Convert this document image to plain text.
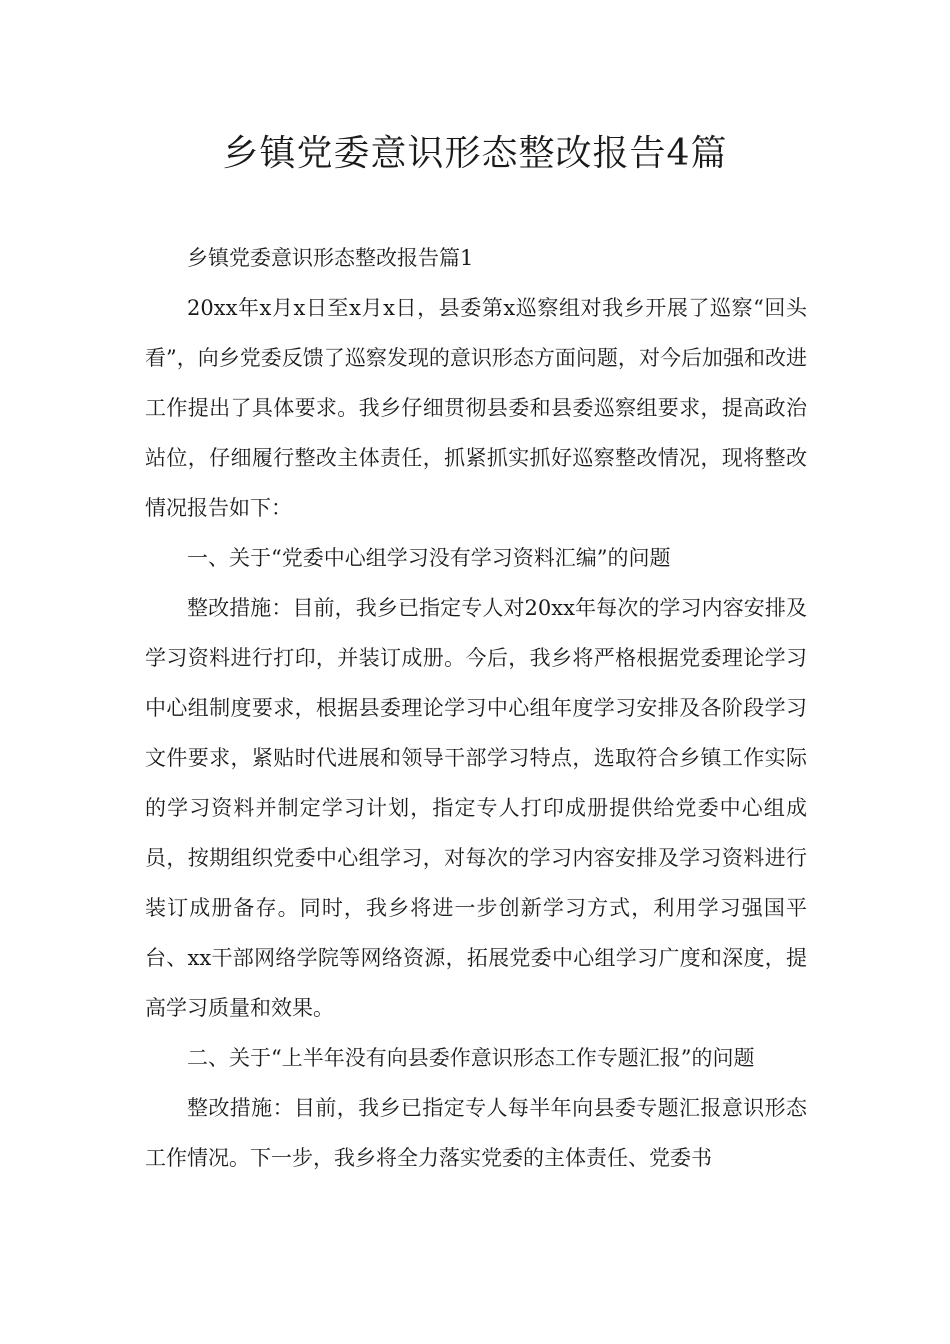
乡镇党委意识形态整改报告4篇

乡镇党委意识形态整改报告篇1

20xx年x月x日至x月x日，县委第x巡察组对我乡开展了巡察“回头看”，向乡党委反馈了巡察发现的意识形态方面问题，对今后加强和改进工作提出了具体要求。我乡仔细贯彻县委和县委巡察组要求，提高政治站位，仔细履行整改主体责任，抓紧抓实抓好巡察整改情况，现将整改情况报告如下：

一、关于“党委中心组学习没有学习资料汇编”的问题

整改措施：目前，我乡已指定专人对20xx年每次的学习内容安排及学习资料进行打印，并装订成册。今后，我乡将严格根据党委理论学习中心组制度要求，根据县委理论学习中心组年度学习安排及各阶段学习文件要求，紧贴时代进展和领导干部学习特点，选取符合乡镇工作实际的学习资料并制定学习计划，指定专人打印成册提供给党委中心组成员，按期组织党委中心组学习，对每次的学习内容安排及学习资料进行装订成册备存。同时，我乡将进一步创新学习方式，利用学习强国平台、xx干部网络学院等网络资源，拓展党委中心组学习广度和深度，提高学习质量和效果。

二、关于“上半年没有向县委作意识形态工作专题汇报”的问题

整改措施：目前，我乡已指定专人每半年向县委专题汇报意识形态工作情况。下一步，我乡将全力落实党委的主体责任、党委书
